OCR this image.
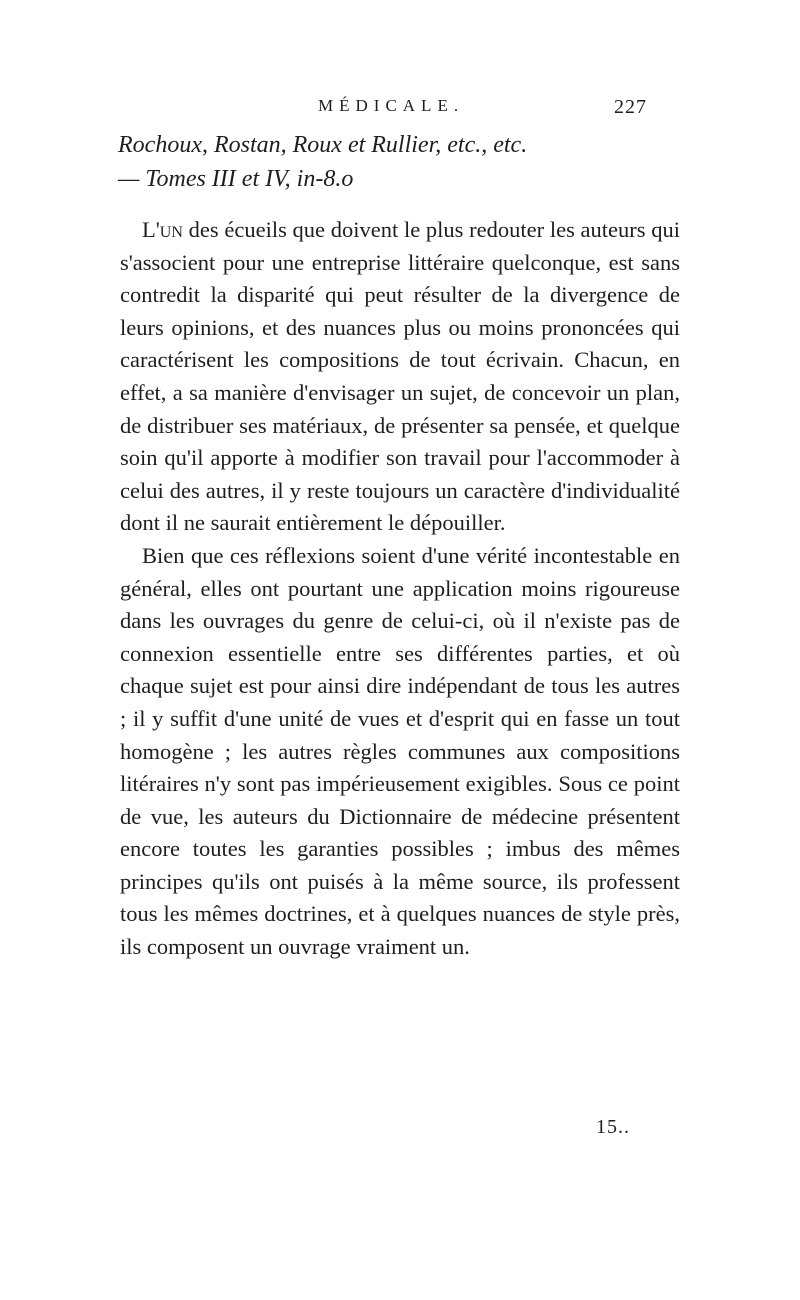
MÉDICALE.	227
Rochoux, Rostan, Roux et Rullier, etc., etc.
— Tomes III et IV, in-8.o

L'un des écueils que doivent le plus redouter les auteurs qui s'associent pour une entreprise littéraire quelconque, est sans contredit la disparité qui peut résulter de la divergence de leurs opinions, et des nuances plus ou moins prononcées qui caractérisent les compositions de tout écrivain. Chacun, en effet, a sa manière d'envisager un sujet, de concevoir un plan, de distribuer ses matériaux, de présenter sa pensée, et quelque soin qu'il apporte à modifier son travail pour l'accommoder à celui des autres, il y reste toujours un caractère d'individualité dont il ne saurait entièrement le dépouiller.

Bien que ces réflexions soient d'une vérité incontestable en général, elles ont pourtant une application moins rigoureuse dans les ouvrages du genre de celui-ci, où il n'existe pas de connexion essentielle entre ses différentes parties, et où chaque sujet est pour ainsi dire indépendant de tous les autres ; il y suffit d'une unité de vues et d'esprit qui en fasse un tout homogène ; les autres règles communes aux compositions litéraires n'y sont pas impérieusement exigibles. Sous ce point de vue, les auteurs du Dictionnaire de médecine présentent encore toutes les garanties possibles ; imbus des mêmes principes qu'ils ont puisés à la même source, ils professent tous les mêmes doctrines, et à quelques nuances de style près, ils composent un ouvrage vraiment un.

15..
